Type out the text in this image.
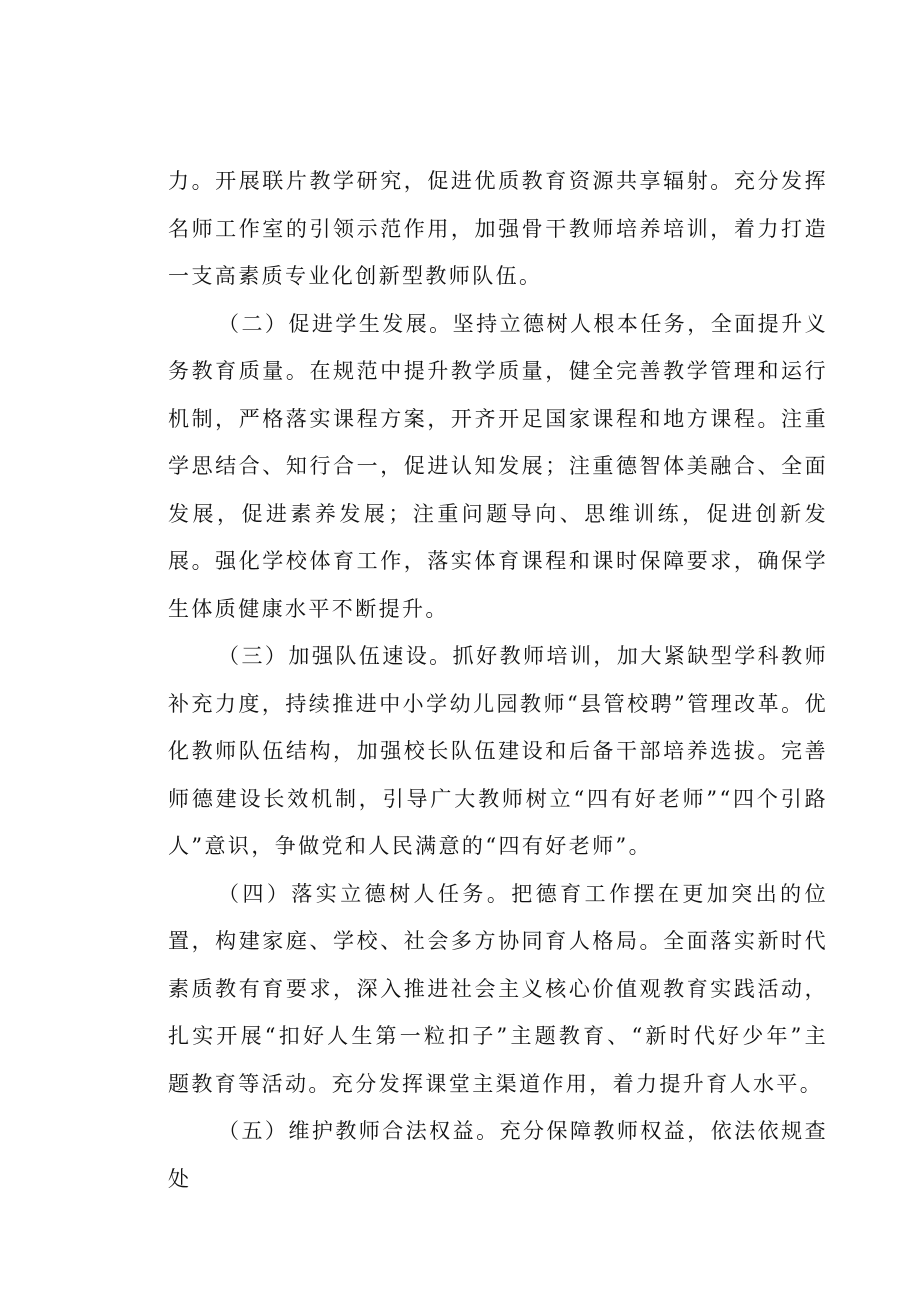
力。开展联片教学研究，促进优质教育资源共享辐射。充分发挥名师工作室的引领示范作用，加强骨干教师培养培训，着力打造一支高素质专业化创新型教师队伍。

（二）促进学生发展。坚持立德树人根本任务，全面提升义务教育质量。在规范中提升教学质量，健全完善教学管理和运行机制，严格落实课程方案，开齐开足国家课程和地方课程。注重学思结合、知行合一，促进认知发展；注重德智体美融合、全面发展，促进素养发展；注重问题导向、思维训练，促进创新发展。强化学校体育工作，落实体育课程和课时保障要求，确保学生体质健康水平不断提升。

（三）加强队伍速设。抓好教师培训，加大紧缺型学科教师补充力度，持续推进中小学幼儿园教师“县管校聘”管理改革。优化教师队伍结构，加强校长队伍建设和后备干部培养选拔。完善师德建设长效机制，引导广大教师树立“四有好老师”“四个引路人”意识，争做党和人民满意的“四有好老师”。

（四）落实立德树人任务。把德育工作摆在更加突出的位置，构建家庭、学校、社会多方协同育人格局。全面落实新时代素质教有育要求，深入推进社会主义核心价值观教育实践活动，扎实开展“扣好人生第一粒扣子”主题教育、“新时代好少年”主题教育等活动。充分发挥课堂主渠道作用，着力提升育人水平。

（五）维护教师合法权益。充分保障教师权益，依法依规查处
